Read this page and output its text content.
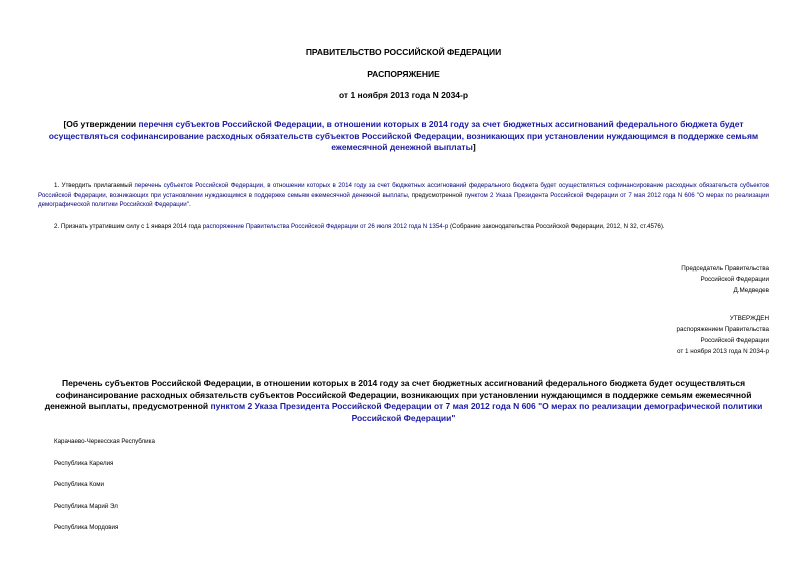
ПРАВИТЕЛЬСТВО РОССИЙСКОЙ ФЕДЕРАЦИИ
РАСПОРЯЖЕНИЕ
от 1 ноября 2013 года N 2034-р
[Об утверждении перечня субъектов Российской Федерации, в отношении которых в 2014 году за счет бюджетных ассигнований федерального бюджета будет осуществляться софинансирование расходных обязательств субъектов Российской Федерации, возникающих при установлении нуждающимся в поддержке семьям ежемесячной денежной выплаты]
1. Утвердить прилагаемый перечень субъектов Российской Федерации, в отношении которых в 2014 году за счет бюджетных ассигнований федерального бюджета будет осуществляться софинансирование расходных обязательств субъектов Российской Федерации, возникающих при установлении нуждающимся в поддержке семьям ежемесячной денежной выплаты, предусмотренной пунктом 2 Указа Президента Российской Федерации от 7 мая 2012 года N 606 "О мерах по реализации демографической политики Российской Федерации".
2. Признать утратившим силу с 1 января 2014 года распоряжение Правительства Российской Федерации от 26 июля 2012 года N 1354-р (Собрание законодательства Российской Федерации, 2012, N 32, ст.4576).
Председатель Правительства
Российской Федерации
Д.Медведев
УТВЕРЖДЕН
распоряжением Правительства
Российской Федерации
от 1 ноября 2013 года N 2034-р
Перечень субъектов Российской Федерации, в отношении которых в 2014 году за счет бюджетных ассигнований федерального бюджета будет осуществляться софинансирование расходных обязательств субъектов Российской Федерации, возникающих при установлении нуждающимся в поддержке семьям ежемесячной денежной выплаты, предусмотренной пунктом 2 Указа Президента Российской Федерации от 7 мая 2012 года N 606 "О мерах по реализации демографической политики Российской Федерации"
Карачаево-Черкесская Республика
Республика Карелия
Республика Коми
Республика Марий Эл
Республика Мордовия
